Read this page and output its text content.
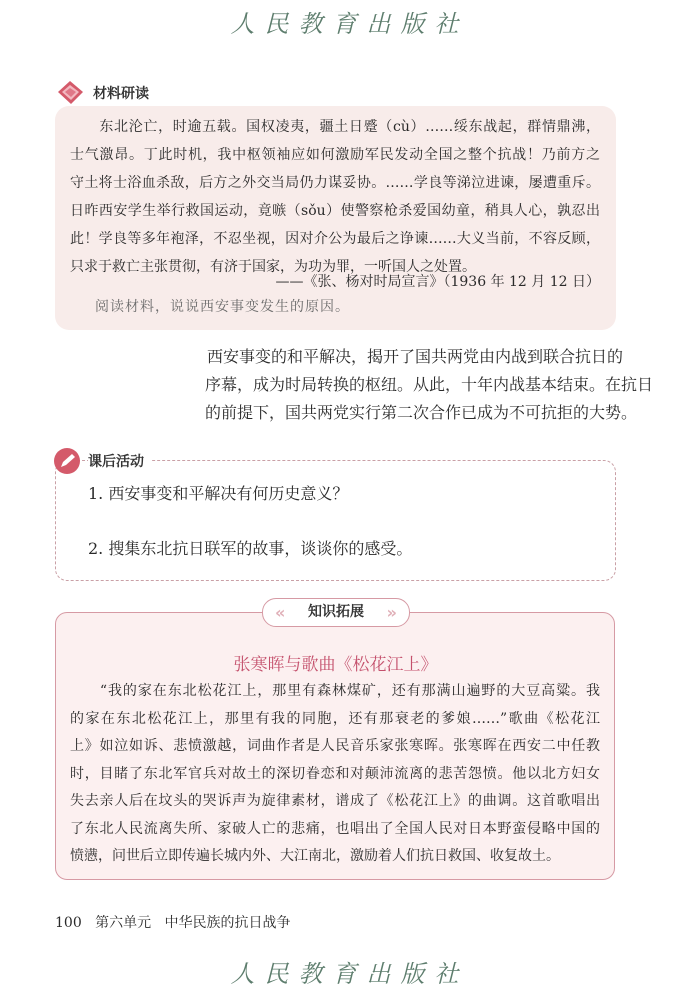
人民教育出版社
材料研读
　　东北沦亡，时逾五载。国权凌夷，疆土日蹙（cù）……绥东战起，群情鼎沸，
士气激昂。丁此时机，我中枢领袖应如何激励军民发动全国之整个抗战！乃前方之
守土将士浴血杀敌，后方之外交当局仍力谋妥协。……学良等涕泣进谏，屡遭重斥。
日昨西安学生举行救国运动，竟嗾（sǒu）使警察枪杀爱国幼童，稍具人心，孰忍出
此！学良等多年袍泽，不忍坐视，因对介公为最后之诤谏……大义当前，不容反顾，
只求于救亡主张贯彻，有济于国家，为功为罪，一听国人之处置。
——《张、杨对时局宣言》（1936 年 12 月 12 日）
阅读材料，说说西安事变发生的原因。
西安事变的和平解决，揭开了国共两党由内战到联合抗日的
序幕，成为时局转换的枢纽。从此，十年内战基本结束。在抗日
的前提下，国共两党实行第二次合作已成为不可抗拒的大势。
课后活动
1. 西安事变和平解决有何历史意义？
2. 搜集东北抗日联军的故事，谈谈你的感受。
« 知识拓展 »
张寒晖与歌曲《松花江上》
　　“我的家在东北松花江上，那里有森林煤矿，还有那满山遍野的大豆高粱。我
的家在东北松花江上，那里有我的同胞，还有那衰老的爹娘……”歌曲《松花江
上》如泣如诉、悲愤激越，词曲作者是人民音乐家张寒晖。张寒晖在西安二中任教
时，目睹了东北军官兵对故土的深切眷恋和对颠沛流离的悲苦怨愤。他以北方妇女
失去亲人后在坟头的哭诉声为旋律素材，谱成了《松花江上》的曲调。这首歌唱出
了东北人民流离失所、家破人亡的悲痛，也唱出了全国人民对日本野蛮侵略中国的
愤懑，问世后立即传遍长城内外、大江南北，激励着人们抗日救国、收复故土。
100 第六单元 中华民族的抗日战争
人民教育出版社
